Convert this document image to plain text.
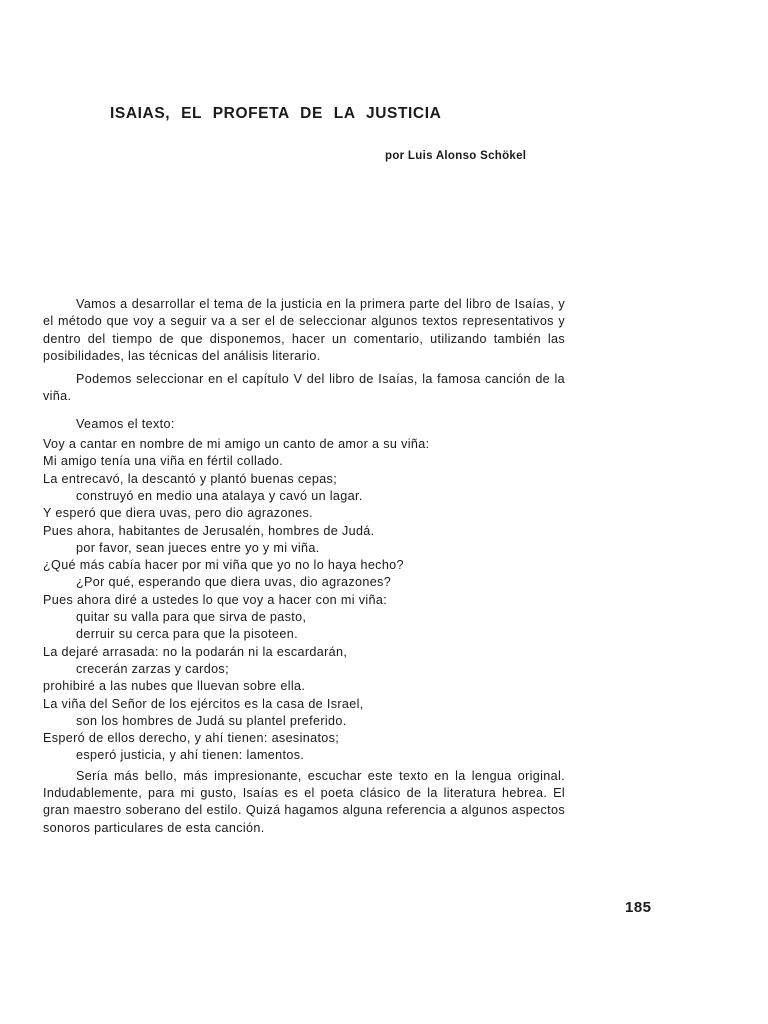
ISAIAS, EL PROFETA DE LA JUSTICIA
por Luis Alonso Schökel

Vamos a desarrollar el tema de la justicia en la primera parte del libro de Isaías, y el método que voy a seguir va a ser el de seleccionar algunos textos representativos y dentro del tiempo de que disponemos, hacer un comentario, utilizando también las posibilidades, las técnicas del análisis literario.

Podemos seleccionar en el capítulo V del libro de Isaías, la famosa canción de la viña.

Veamos el texto:

Voy a cantar en nombre de mi amigo un canto de amor a su viña:
Mi amigo tenía una viña en fértil collado.
La entrecavó, la descantó y plantó buenas cepas;
construyó en medio una atalaya y cavó un lagar.
Y esperó que diera uvas, pero dio agrazones.
Pues ahora, habitantes de Jerusalén, hombres de Judá.
por favor, sean jueces entre yo y mi viña.
¿Qué más cabía hacer por mi viña que yo no lo haya hecho?
¿Por qué, esperando que diera uvas, dio agrazones?
Pues ahora diré a ustedes lo que voy a hacer con mi viña:
quitar su valla para que sirva de pasto,
derruir su cerca para que la pisoteen.
La dejaré arrasada: no la podarán ni la escardarán,
crecerán zarzas y cardos;
prohibiré a las nubes que lluevan sobre ella.
La viña del Señor de los ejércitos es la casa de Israel,
son los hombres de Judá su plantel preferido.
Esperó de ellos derecho, y ahí tienen: asesinatos;
esperó justicia, y ahí tienen: lamentos.

Sería más bello, más impresionante, escuchar este texto en la lengua original. Indudablemente, para mi gusto, Isaías es el poeta clásico de la literatura hebrea. El gran maestro soberano del estilo. Quizá hagamos alguna referencia a algunos aspectos sonoros particulares de esta canción.

185
